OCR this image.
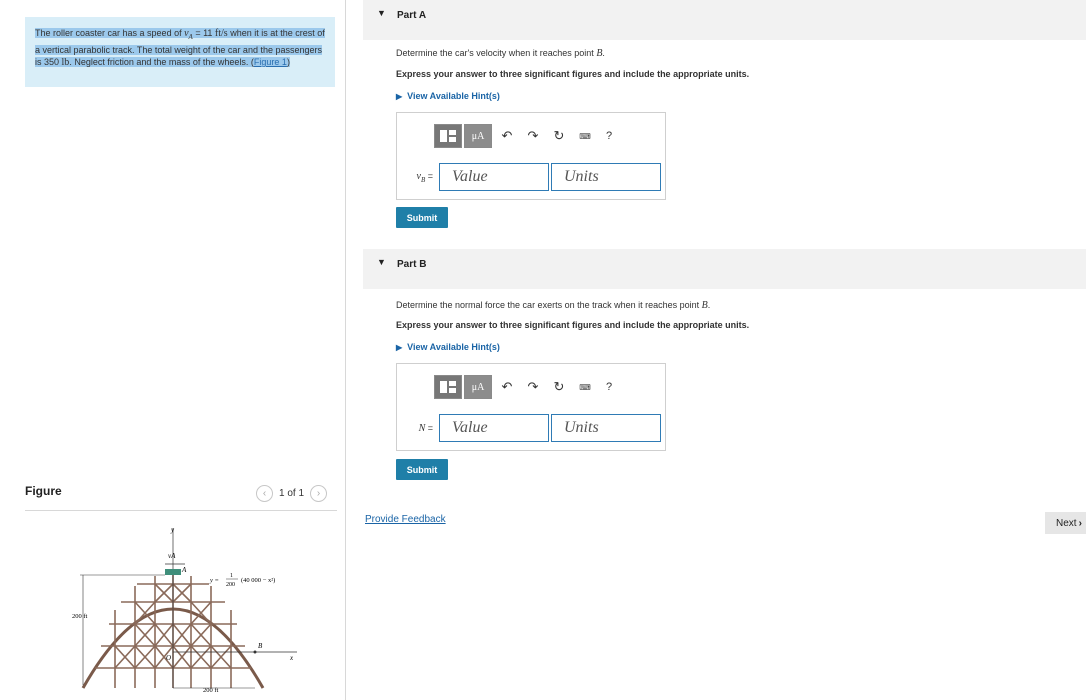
The roller coaster car has a speed of $v_A = 11$ ft/s when it is at the crest of a vertical parabolic track. The total weight of the car and the passengers is 350 lb. Neglect friction and the mass of the wheels. (Figure 1)
Figure	‹	1 of 1	›
y
x
O
vA
A
y =
1
200
(40 000 − x²)
200 ft
B
200 ft
▼ Part A
Determine the car's velocity when it reaches point B.
Express your answer to three significant figures and include the appropriate units.
▶ View Available Hint(s)
μA	↶	↷	↻	⌨	?
$v_B$ =	Value	Units
Submit
▼ Part B
Determine the normal force the car exerts on the track when it reaches point B.
Express your answer to three significant figures and include the appropriate units.
▶ View Available Hint(s)
μA	↶	↷	↻	⌨	?
N =	Value	Units
Submit
Provide Feedback	Next ›
